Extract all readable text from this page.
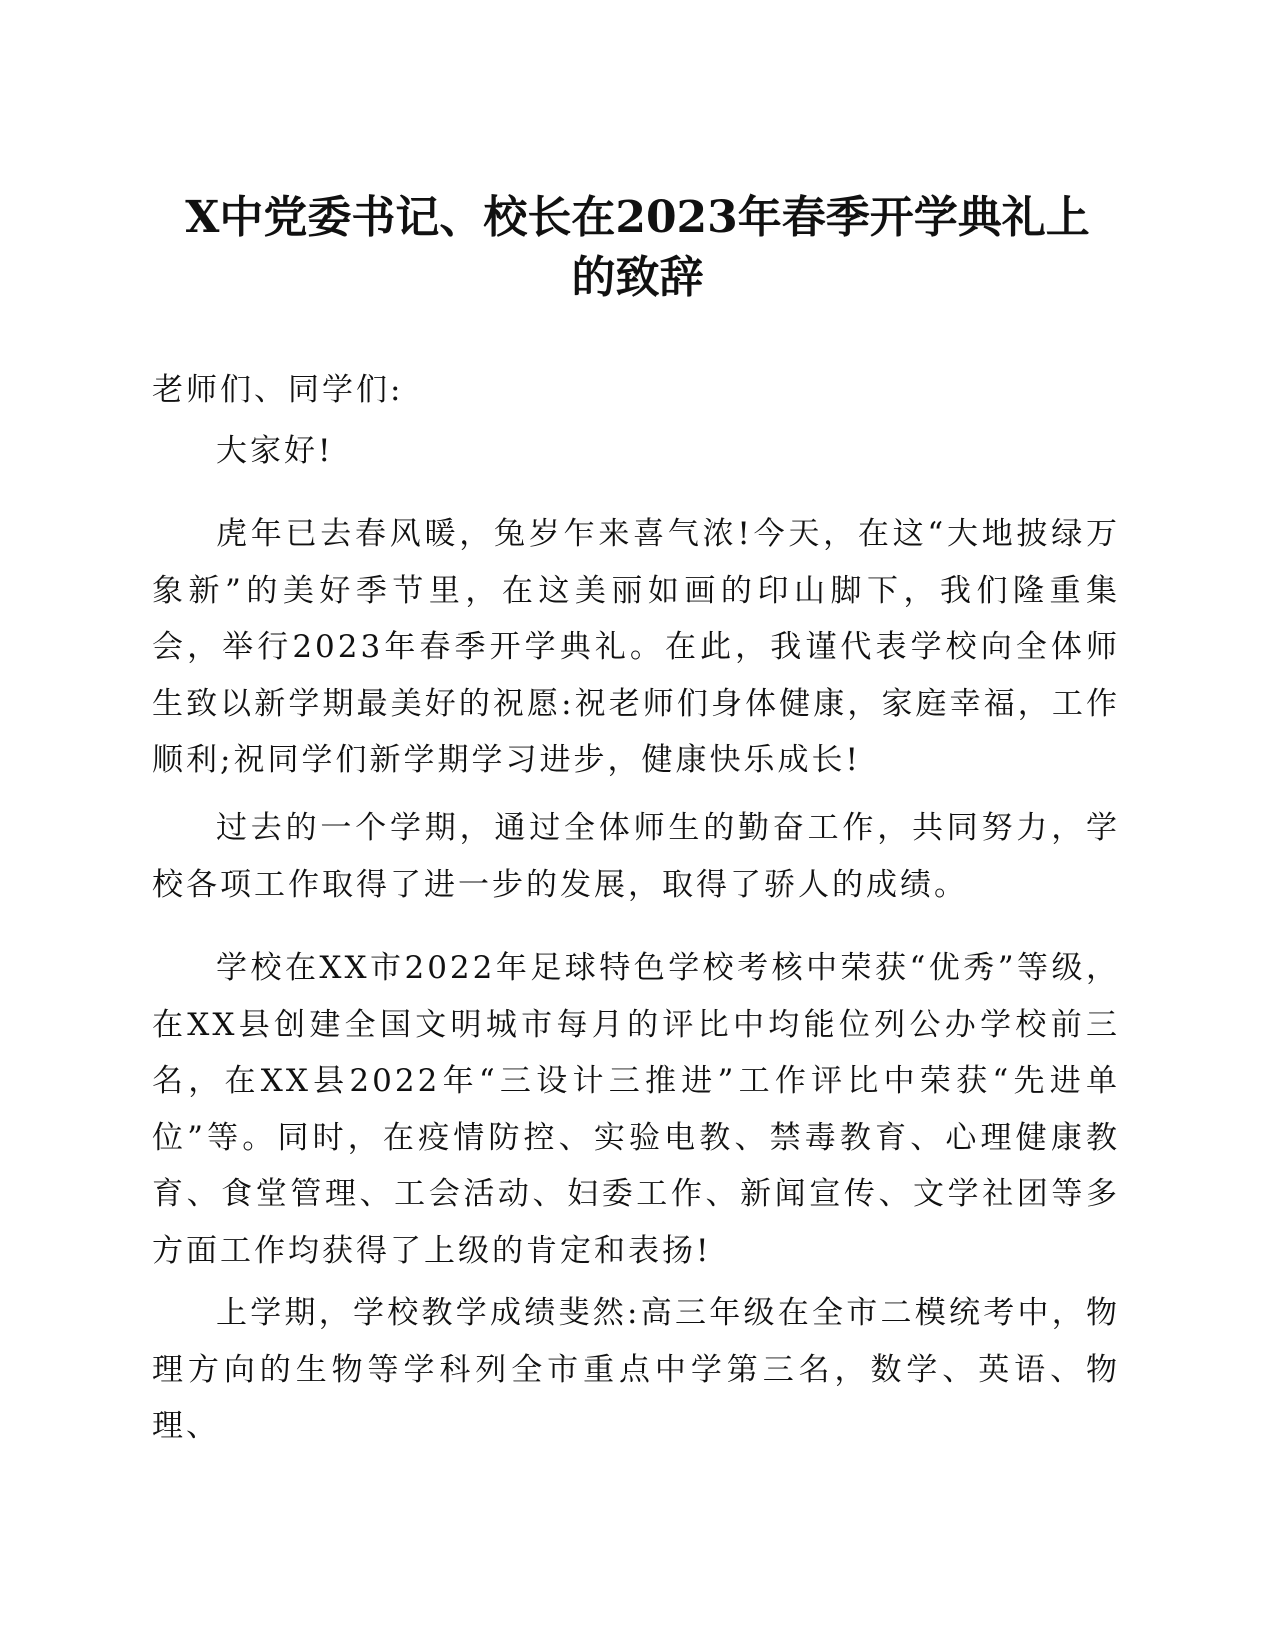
X中党委书记、校长在2023年春季开学典礼上
的致辞

老师们、同学们:

大家好!

虎年已去春风暖，兔岁乍来喜气浓!今天，在这“大地披绿万象新”的美好季节里，在这美丽如画的印山脚下，我们隆重集会，举行2023年春季开学典礼。在此，我谨代表学校向全体师生致以新学期最美好的祝愿:祝老师们身体健康，家庭幸福，工作顺利;祝同学们新学期学习进步，健康快乐成长!

过去的一个学期，通过全体师生的勤奋工作，共同努力，学校各项工作取得了进一步的发展，取得了骄人的成绩。

学校在XX市2022年足球特色学校考核中荣获“优秀”等级，在XX县创建全国文明城市每月的评比中均能位列公办学校前三名，在XX县2022年“三设计三推进”工作评比中荣获“先进单位”等。同时，在疫情防控、实验电教、禁毒教育、心理健康教育、食堂管理、工会活动、妇委工作、新闻宣传、文学社团等多方面工作均获得了上级的肯定和表扬!

上学期，学校教学成绩斐然:高三年级在全市二模统考中，物理方向的生物等学科列全市重点中学第三名，数学、英语、物理、
